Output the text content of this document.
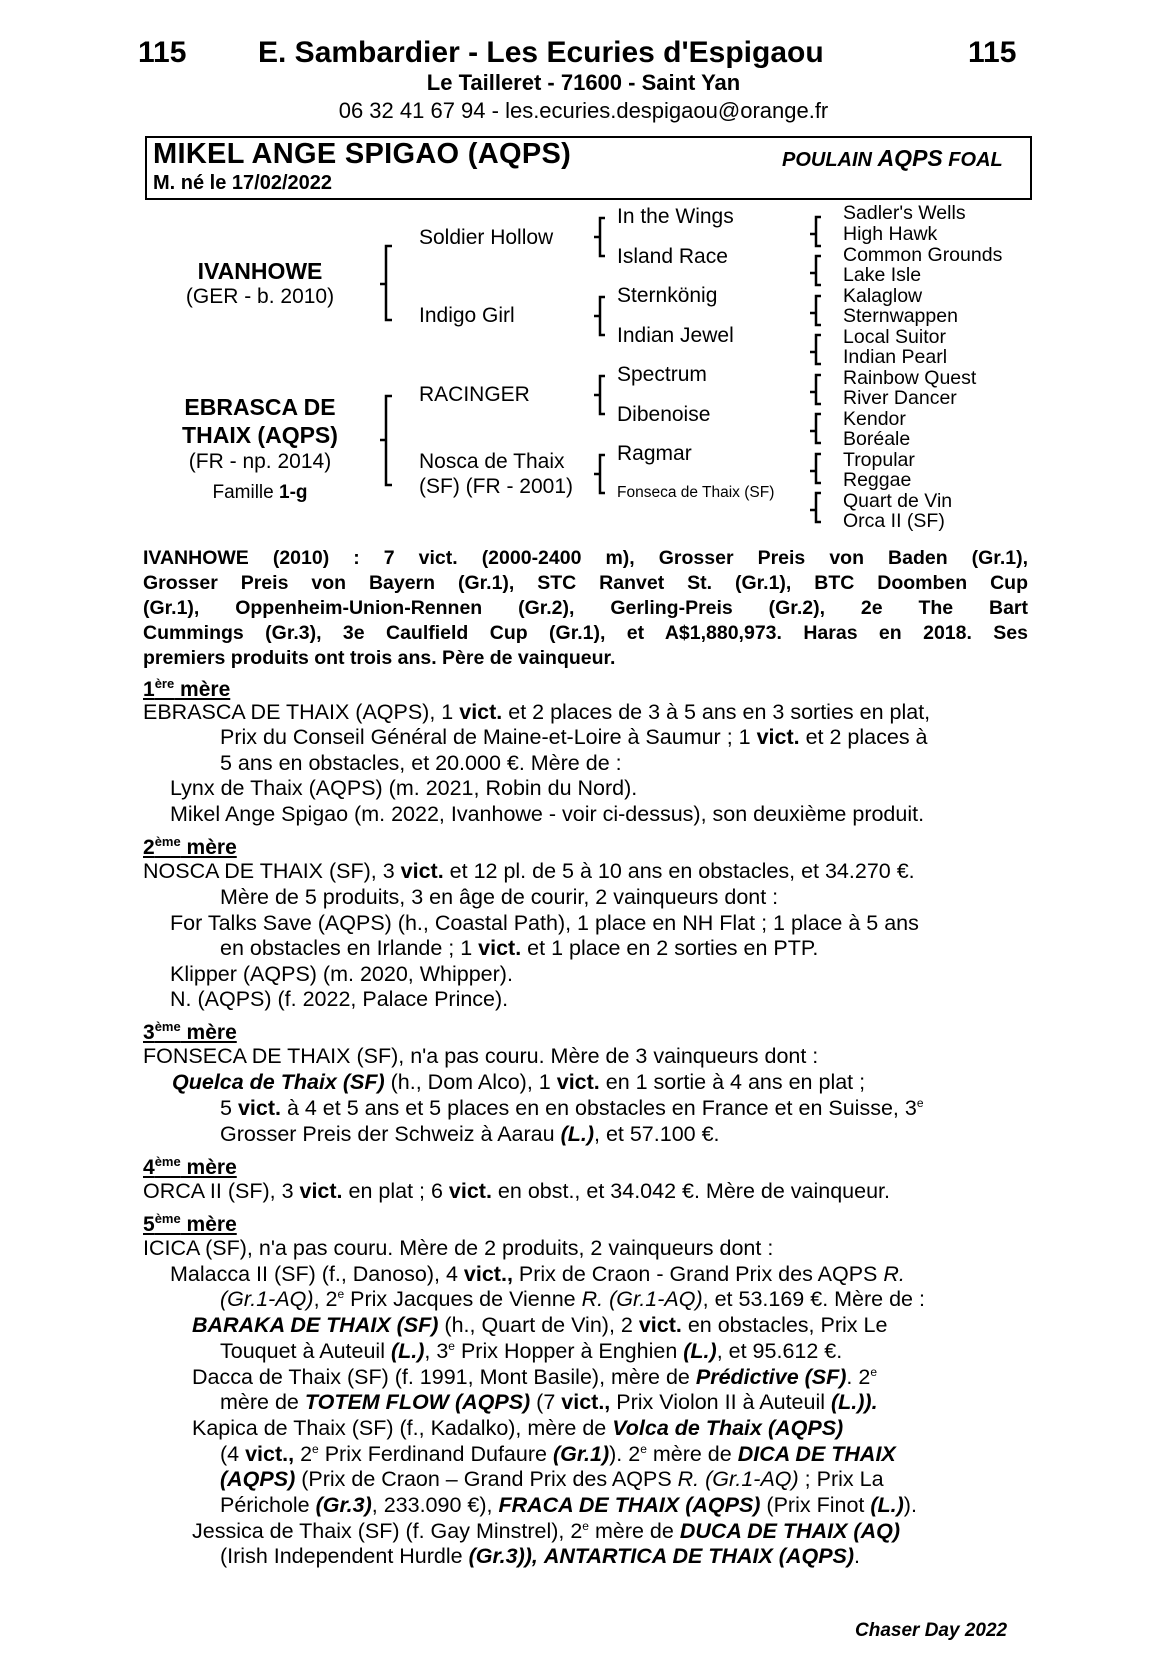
115 E. Sambardier - Les Ecuries d'Espigaou	115
Le Tailleret - 71600 - Saint Yan
06 32 41 67 94 - les.ecuries.despigaou@orange.fr
MIKEL ANGE SPIGAO (AQPS)	POULAIN AQPS FOAL
M. né le 17/02/2022
IVANHOWE
(GER - b. 2010)
EBRASCA DE
THAIX (AQPS)
(FR - np. 2014)
Famille 1-g
Soldier Hollow
Indigo Girl
RACINGER
Nosca de Thaix
(SF) (FR - 2001)
In the Wings
Island Race
Sternkönig
Indian Jewel
Spectrum
Dibenoise
Ragmar
Fonseca de Thaix (SF)
Sadler's Wells
High Hawk
Common Grounds
Lake Isle
Kalaglow
Sternwappen
Local Suitor
Indian Pearl
Rainbow Quest
River Dancer
Kendor
Boréale
Tropular
Reggae
Quart de Vin
Orca II (SF)
IVANHOWE (2010) : 7 vict. (2000-2400 m), Grosser Preis von Baden (Gr.1),
Grosser Preis von Bayern (Gr.1), STC Ranvet St. (Gr.1), BTC Doomben Cup
(Gr.1), Oppenheim-Union-Rennen (Gr.2), Gerling-Preis (Gr.2), 2e The Bart
Cummings (Gr.3), 3e Caulfield Cup (Gr.1), et A$1,880,973. Haras en 2018. Ses
premiers produits ont trois ans. Père de vainqueur.
1ère mère
EBRASCA DE THAIX (AQPS), 1 vict. et 2 places de 3 à 5 ans en 3 sorties en plat,
Prix du Conseil Général de Maine-et-Loire à Saumur ; 1 vict. et 2 places à
5 ans en obstacles, et 20.000 €. Mère de :
Lynx de Thaix (AQPS) (m. 2021, Robin du Nord).
Mikel Ange Spigao (m. 2022, Ivanhowe - voir ci-dessus), son deuxième produit.
2ème mère
NOSCA DE THAIX (SF), 3 vict. et 12 pl. de 5 à 10 ans en obstacles, et 34.270 €.
Mère de 5 produits, 3 en âge de courir, 2 vainqueurs dont :
For Talks Save (AQPS) (h., Coastal Path), 1 place en NH Flat ; 1 place à 5 ans
en obstacles en Irlande ; 1 vict. et 1 place en 2 sorties en PTP.
Klipper (AQPS) (m. 2020, Whipper).
N. (AQPS) (f. 2022, Palace Prince).
3ème mère
FONSECA DE THAIX (SF), n'a pas couru. Mère de 3 vainqueurs dont :
Quelca de Thaix (SF) (h., Dom Alco), 1 vict. en 1 sortie à 4 ans en plat ;
5 vict. à 4 et 5 ans et 5 places en en obstacles en France et en Suisse, 3e
Grosser Preis der Schweiz à Aarau (L.), et 57.100 €.
4ème mère
ORCA II (SF), 3 vict. en plat ; 6 vict. en obst., et 34.042 €. Mère de vainqueur.
5ème mère
ICICA (SF), n'a pas couru. Mère de 2 produits, 2 vainqueurs dont :
Malacca II (SF) (f., Danoso), 4 vict., Prix de Craon - Grand Prix des AQPS R.
(Gr.1-AQ), 2e Prix Jacques de Vienne R. (Gr.1-AQ), et 53.169 €. Mère de :
BARAKA DE THAIX (SF) (h., Quart de Vin), 2 vict. en obstacles, Prix Le
Touquet à Auteuil (L.), 3e Prix Hopper à Enghien (L.), et 95.612 €.
Dacca de Thaix (SF) (f. 1991, Mont Basile), mère de Prédictive (SF). 2e
mère de TOTEM FLOW (AQPS) (7 vict., Prix Violon II à Auteuil (L.)).
Kapica de Thaix (SF) (f., Kadalko), mère de Volca de Thaix (AQPS)
(4 vict., 2e Prix Ferdinand Dufaure (Gr.1)). 2e mère de DICA DE THAIX
(AQPS) (Prix de Craon – Grand Prix des AQPS R. (Gr.1-AQ) ; Prix La
Périchole (Gr.3), 233.090 €), FRACA DE THAIX (AQPS) (Prix Finot (L.)).
Jessica de Thaix (SF) (f. Gay Minstrel), 2e mère de DUCA DE THAIX (AQ)
(Irish Independent Hurdle (Gr.3)), ANTARTICA DE THAIX (AQPS).
Chaser Day 2022
